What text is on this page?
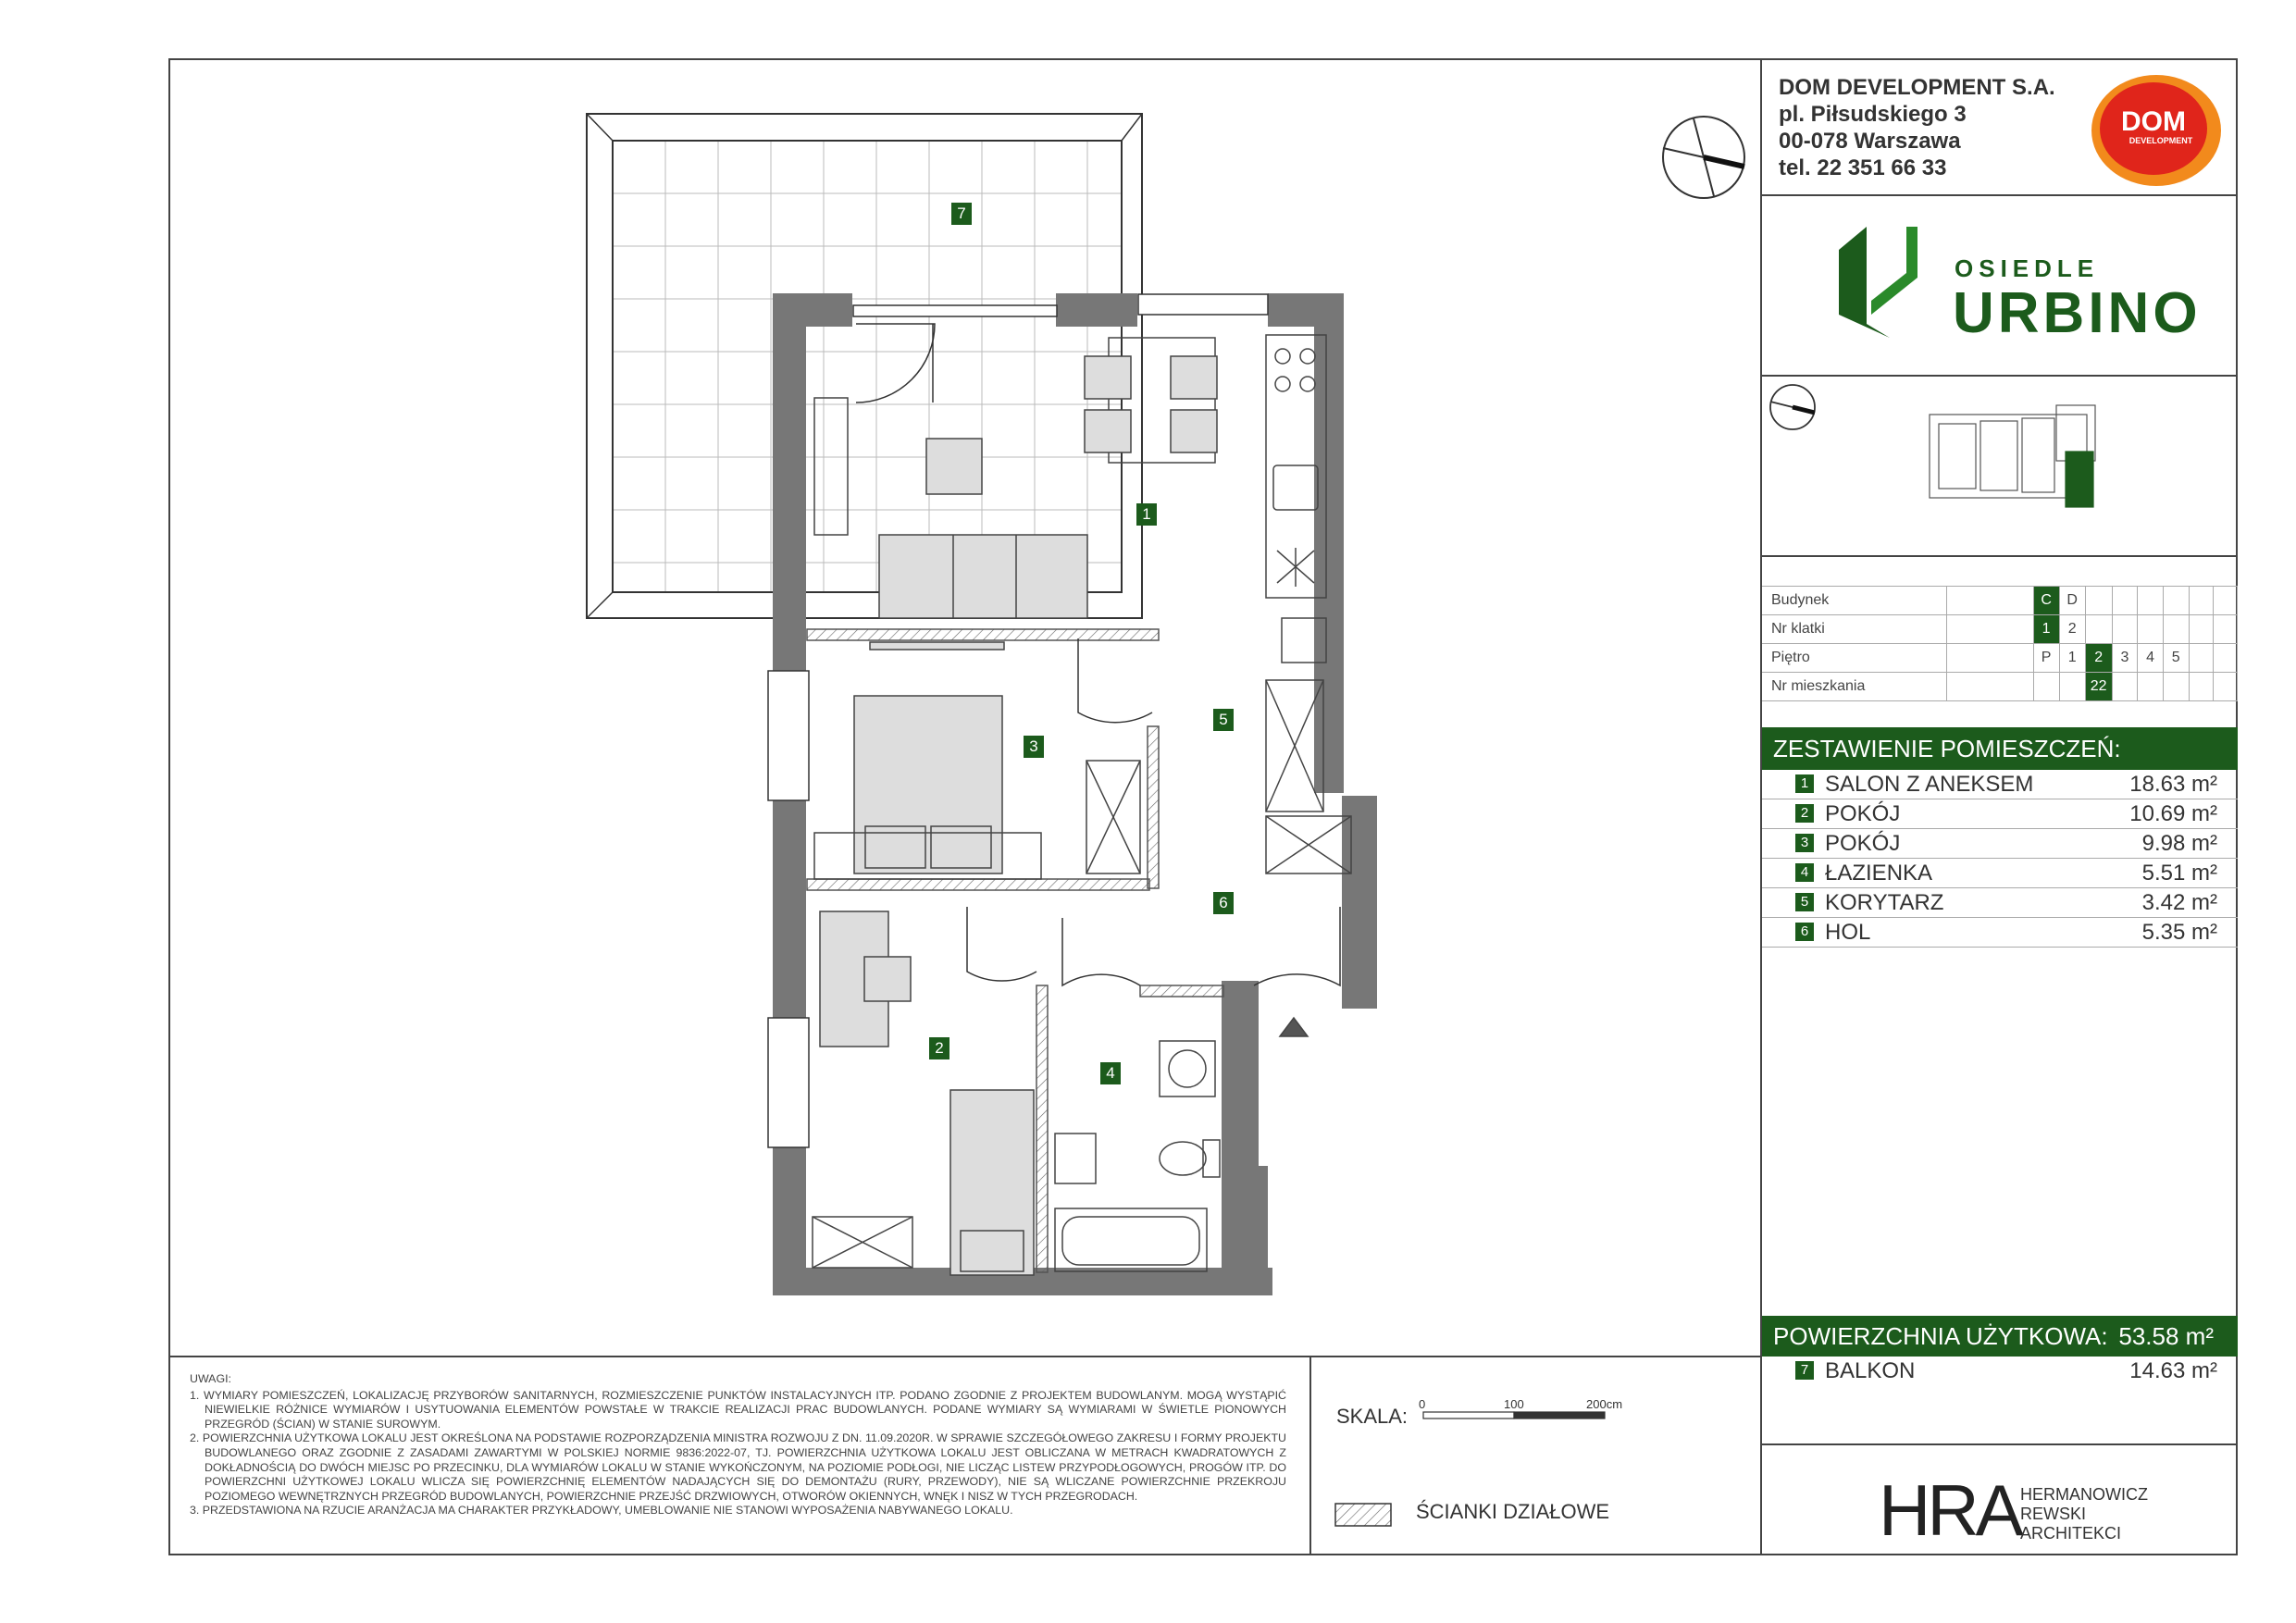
7
1
3
5
6
2
4
DOM DEVELOPMENT S.A.
pl. Piłsudskiego 3
00-078 Warszawa
tel. 22 351 66 33
DOM
DEVELOPMENT
OSIEDLE
URBINO
Budynek		C	D						
Nr klatki		1	2						
Piętro		P	1	2	3	4	5		
Nr mieszkania				22					
ZESTAWIENIE POMIESZCZEŃ:
1 SALON Z ANEKSEM	18.63 m²
2 POKÓJ	10.69 m²
3 POKÓJ	9.98 m²
4 ŁAZIENKA	5.51 m²
5 KORYTARZ	3.42 m²
6 HOL	5.35 m²
POWIERZCHNIA UŻYTKOWA: 53.58 m²
7 BALKON	14.63 m²
UWAGI:
1. WYMIARY POMIESZCZEŃ, LOKALIZACJĘ PRZYBORÓW SANITARNYCH, ROZMIESZCZENIE PUNKTÓW INSTALACYJNYCH ITP. PODANO ZGODNIE Z PROJEKTEM BUDOWLANYM. MOGĄ WYSTĄPIĆ NIEWIELKIE RÓŻNICE WYMIARÓW I USYTUOWANIA ELEMENTÓW POWSTAŁE W TRAKCIE REALIZACJI PRAC BUDOWLANYCH. PODANE WYMIARY SĄ WYMIARAMI W ŚWIETLE PIONOWYCH PRZEGRÓD (ŚCIAN) W STANIE SUROWYM.
2. POWIERZCHNIA UŻYTKOWA LOKALU JEST OKREŚLONA NA PODSTAWIE ROZPORZĄDZENIA MINISTRA ROZWOJU Z DN. 11.09.2020R. W SPRAWIE SZCZEGÓŁOWEGO ZAKRESU I FORMY PROJEKTU BUDOWLANEGO ORAZ ZGODNIE Z ZASADAMI ZAWARTYMI W POLSKIEJ NORMIE 9836:2022-07, TJ. POWIERZCHNIA UŻYTKOWA LOKALU JEST OBLICZANA W METRACH KWADRATOWYCH Z DOKŁADNOŚCIĄ DO DWÓCH MIEJSC PO PRZECINKU, DLA WYMIARÓW LOKALU W STANIE WYKOŃCZONYM, NA POZIOMIE PODŁOGI, NIE LICZĄC LISTEW PRZYPODŁOGOWYCH, PROGÓW ITP. DO POWIERZCHNI UŻYTKOWEJ LOKALU WLICZA SIĘ POWIERZCHNIĘ ELEMENTÓW NADAJĄCYCH SIĘ DO DEMONTAŻU (RURY, PRZEWODY), NIE SĄ WLICZANE POWIERZCHNIE PRZEKROJU POZIOMEGO WEWNĘTRZNYCH PRZEGRÓD BUDOWLANYCH, POWIERZCHNIE PRZEJŚĆ DRZWIOWYCH, OTWORÓW OKIENNYCH, WNĘK I NISZ W TYCH PRZEGRODACH.
3. PRZEDSTAWIONA NA RZUCIE ARANŻACJA MA CHARAKTER PRZYKŁADOWY, UMEBLOWANIE NIE STANOWI WYPOSAŻENIA NABYWANEGO LOKALU.
SKALA:
0	100	200cm
ŚCIANKI DZIAŁOWE	HRA HERMANOWICZ
REWSKI
ARCHITEKCI
